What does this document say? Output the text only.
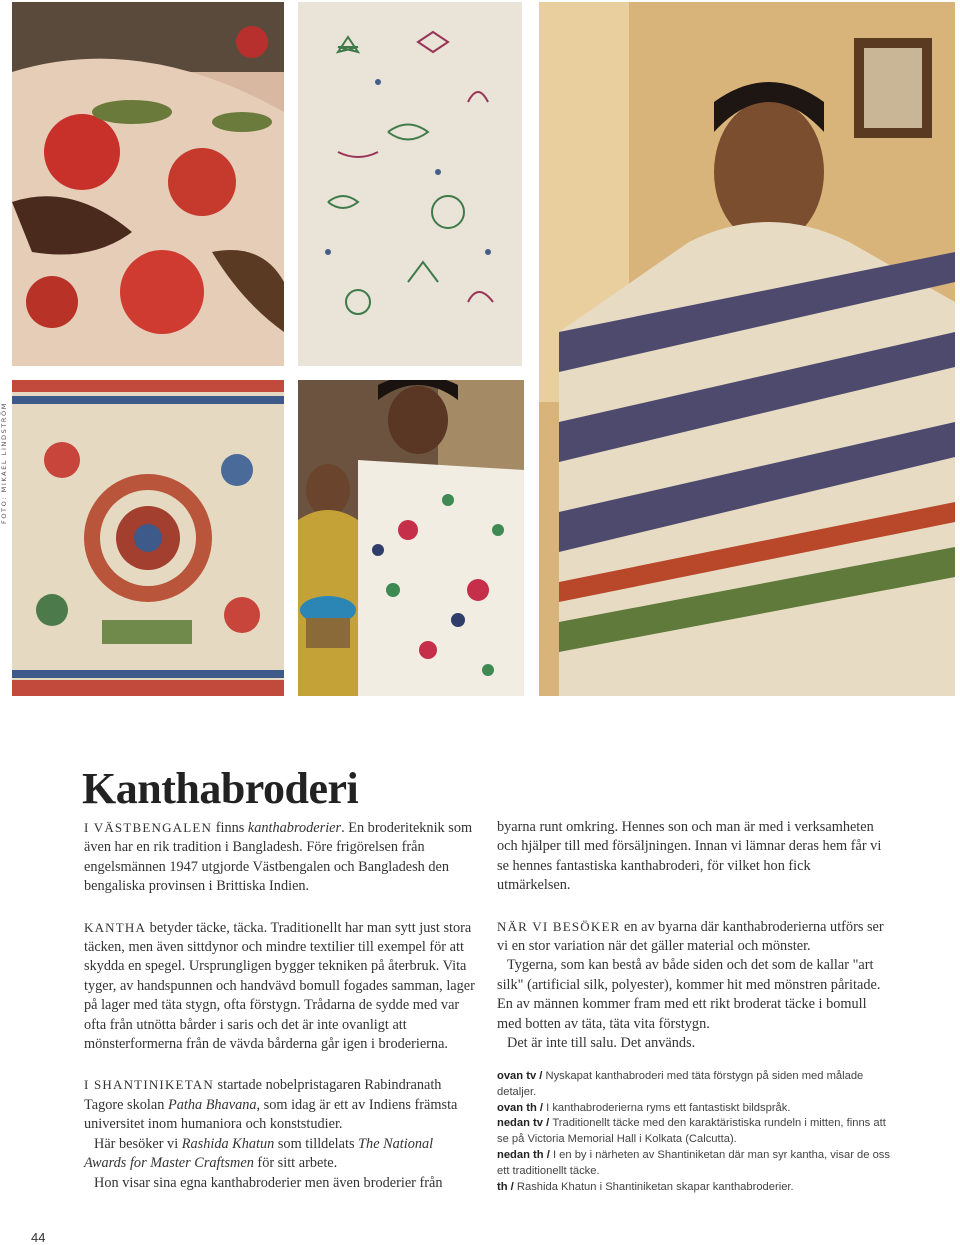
FOTO: MIKAEL LINDSTRÖM
Kanthabroderi

I VÄSTBENGALEN finns kanthabroderier. En broderiteknik som även har en rik tradition i Bangladesh. Före frigörelsen från engelsmännen 1947 utgjorde Västbengalen och Bangladesh den bengaliska provinsen i Brittiska Indien.

KANTHA betyder täcke, täcka. Traditionellt har man sytt just stora täcken, men även sittdynor och mindre textilier till exempel för att skydda en spegel. Ursprungligen bygger tekniken på återbruk. Vita tyger, av handspunnen och handvävd bomull fogades samman, lager på lager med täta stygn, ofta förstygn. Trådarna de sydde med var ofta från utnötta bårder i saris och det är inte ovanligt att mönsterformerna från de vävda bårderna går igen i broderierna.

I SHANTINIKETAN startade nobelpristagaren Rabindranath Tagore skolan Patha Bhavana, som idag är ett av Indiens främsta universitet inom humaniora och konststudier.

Här besöker vi Rashida Khatun som tilldelats The National Awards for Master Craftsmen för sitt arbete.

Hon visar sina egna kanthabroderier men även broderier från

byarna runt omkring. Hennes son och man är med i verksamheten och hjälper till med försäljningen. Innan vi lämnar deras hem får vi se hennes fantastiska kanthabroderi, för vilket hon fick utmärkelsen.

NÄR VI BESÖKER en av byarna där kanthabroderierna utförs ser vi en stor variation när det gäller material och mönster.

Tygerna, som kan bestå av både siden och det som de kallar "art silk" (artificial silk, polyester), kommer hit med mönstren påritade. En av männen kommer fram med ett rikt broderat täcke i bomull med botten av täta, täta vita förstygn.

Det är inte till salu. Det används.

ovan tv / Nyskapat kanthabroderi med täta förstygn på siden med målade detaljer.

ovan th / I kanthabroderierna ryms ett fantastiskt bildspråk.

nedan tv / Traditionellt täcke med den karaktäristiska rundeln i mitten, finns att se på Victoria Memorial Hall i Kolkata (Calcutta).

nedan th / I en by i närheten av Shantiniketan där man syr kantha, visar de oss ett traditionellt täcke.

th / Rashida Khatun i Shantiniketan skapar kanthabroderier.

44
